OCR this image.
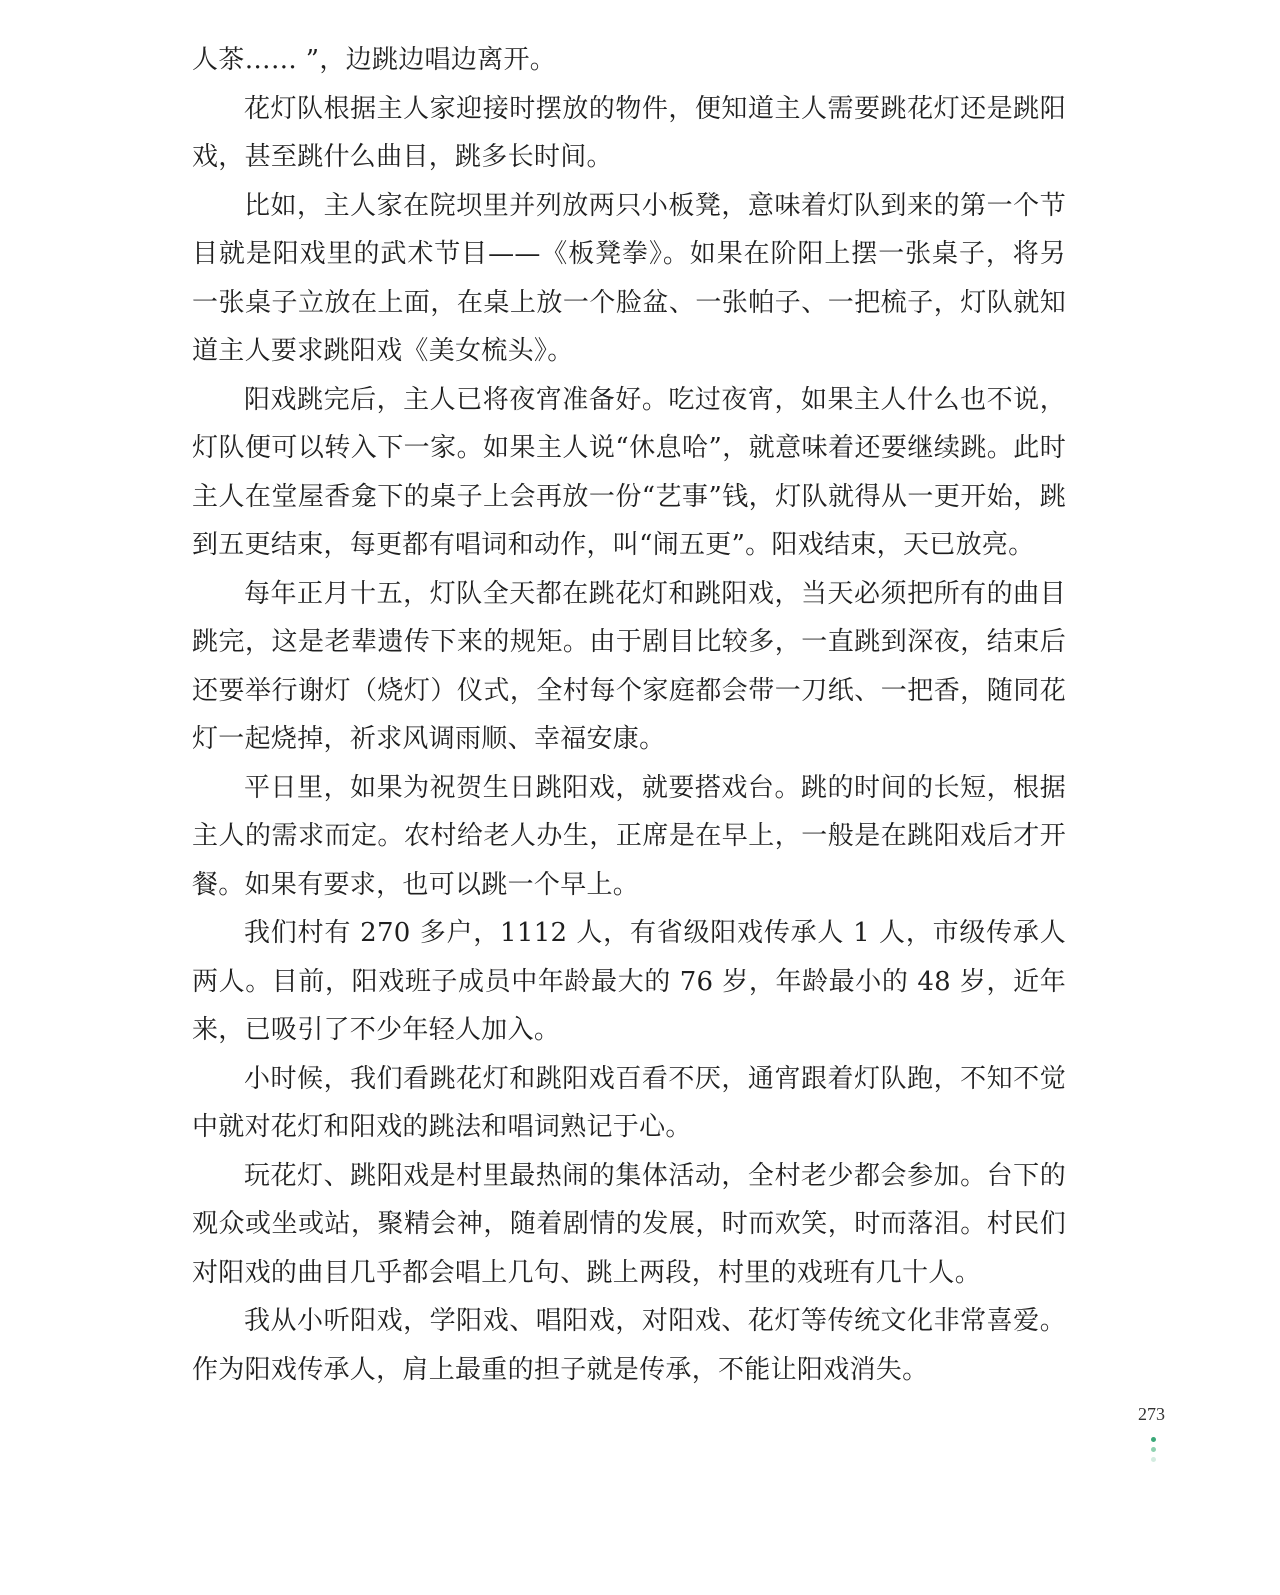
人茶…… ”，边跳边唱边离开。

花灯队根据主人家迎接时摆放的物件，便知道主人需要跳花灯还是跳阳戏，甚至跳什么曲目，跳多长时间。

比如，主人家在院坝里并列放两只小板凳，意味着灯队到来的第一个节目就是阳戏里的武术节目——《板凳拳》。如果在阶阳上摆一张桌子，将另一张桌子立放在上面，在桌上放一个脸盆、一张帕子、一把梳子，灯队就知道主人要求跳阳戏《美女梳头》。

阳戏跳完后，主人已将夜宵准备好。吃过夜宵，如果主人什么也不说，灯队便可以转入下一家。如果主人说“休息哈”，就意味着还要继续跳。此时主人在堂屋香龛下的桌子上会再放一份“艺事”钱，灯队就得从一更开始，跳到五更结束，每更都有唱词和动作，叫“闹五更”。阳戏结束，天已放亮。

每年正月十五，灯队全天都在跳花灯和跳阳戏，当天必须把所有的曲目跳完，这是老辈遗传下来的规矩。由于剧目比较多，一直跳到深夜，结束后还要举行谢灯（烧灯）仪式，全村每个家庭都会带一刀纸、一把香，随同花灯一起烧掉，祈求风调雨顺、幸福安康。

平日里，如果为祝贺生日跳阳戏，就要搭戏台。跳的时间的长短，根据主人的需求而定。农村给老人办生，正席是在早上，一般是在跳阳戏后才开餐。如果有要求，也可以跳一个早上。

我们村有 270 多户，1112 人，有省级阳戏传承人 1 人，市级传承人两人。目前，阳戏班子成员中年龄最大的 76 岁，年龄最小的 48 岁，近年来，已吸引了不少年轻人加入。

小时候，我们看跳花灯和跳阳戏百看不厌，通宵跟着灯队跑，不知不觉中就对花灯和阳戏的跳法和唱词熟记于心。

玩花灯、跳阳戏是村里最热闹的集体活动，全村老少都会参加。台下的观众或坐或站，聚精会神，随着剧情的发展，时而欢笑，时而落泪。村民们对阳戏的曲目几乎都会唱上几句、跳上两段，村里的戏班有几十人。

我从小听阳戏，学阳戏、唱阳戏，对阳戏、花灯等传统文化非常喜爱。作为阳戏传承人，肩上最重的担子就是传承，不能让阳戏消失。

273
